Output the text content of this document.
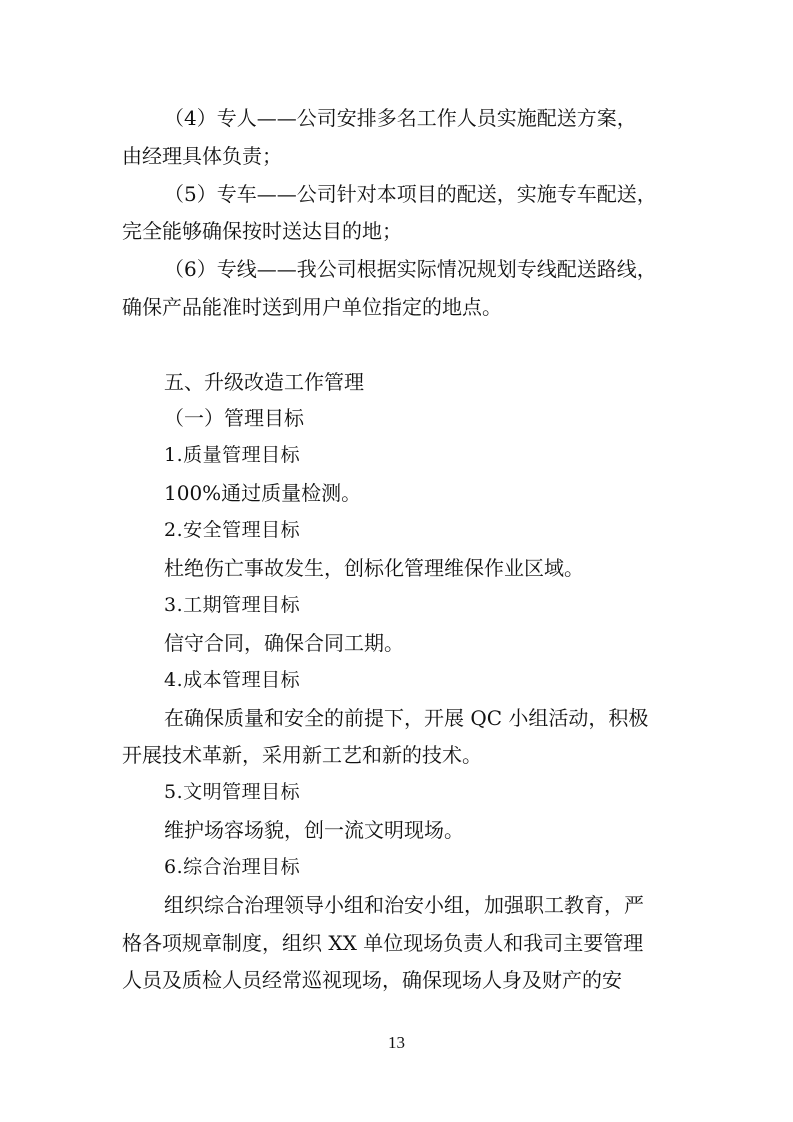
（4）专人——公司安排多名工作人员实施配送方案，
由经理具体负责；
（5）专车——公司针对本项目的配送，实施专车配送，
完全能够确保按时送达目的地；
（6）专线——我公司根据实际情况规划专线配送路线，
确保产品能准时送到用户单位指定的地点。
五、升级改造工作管理
（一）管理目标
1.质量管理目标
100%通过质量检测。
2.安全管理目标
杜绝伤亡事故发生，创标化管理维保作业区域。
3.工期管理目标
信守合同，确保合同工期。
4.成本管理目标
在确保质量和安全的前提下，开展 QC 小组活动，积极
开展技术革新，采用新工艺和新的技术。
5.文明管理目标
维护场容场貌，创一流文明现场。
6.综合治理目标
组织综合治理领导小组和治安小组，加强职工教育，严
格各项规章制度，组织 XX 单位现场负责人和我司主要管理
人员及质检人员经常巡视现场，确保现场人身及财产的安
13
